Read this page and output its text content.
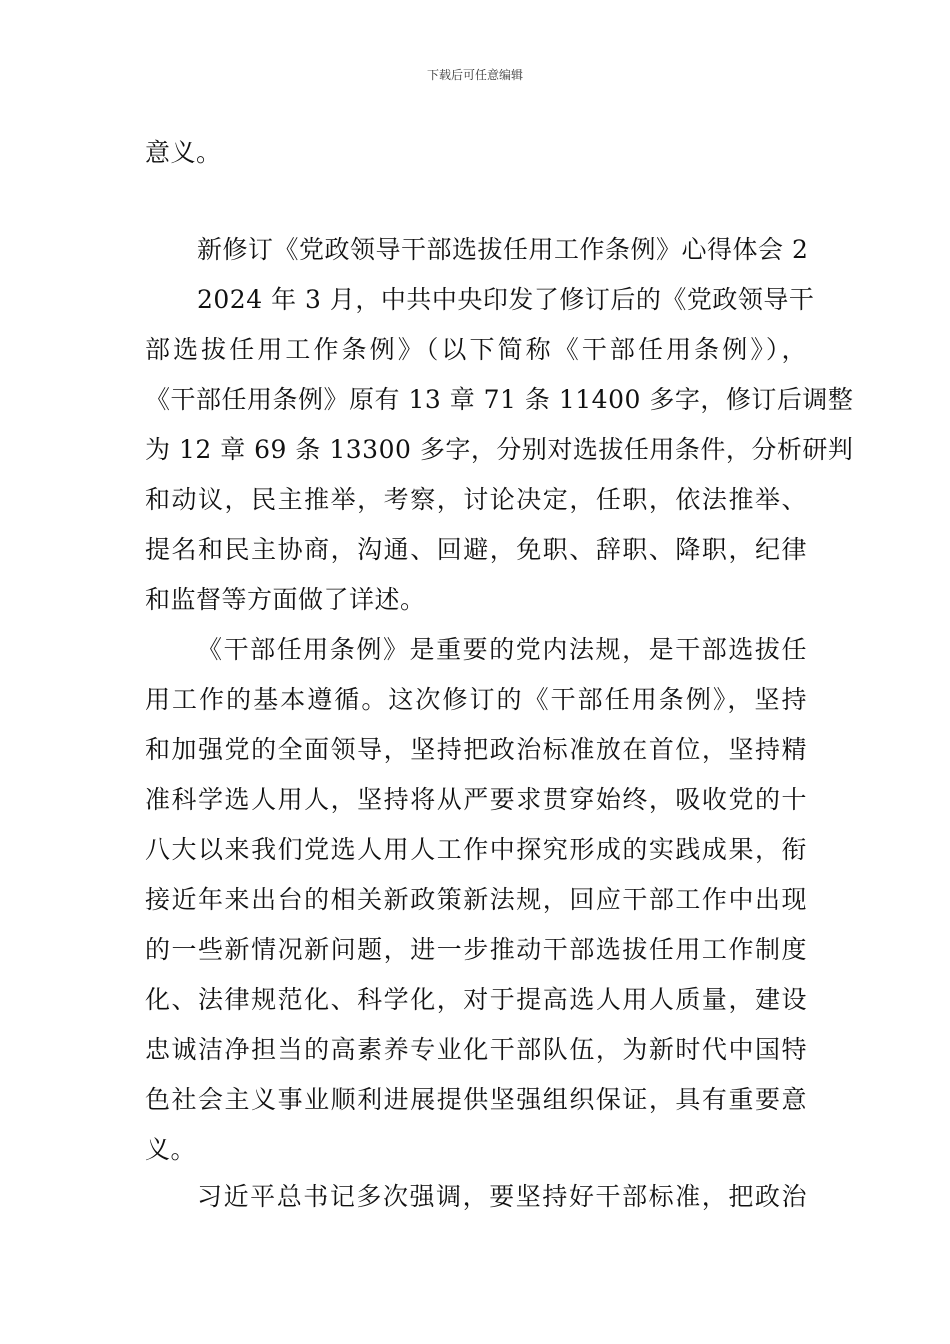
下载后可任意编辑
意义。
新修订《党政领导干部选拔任用工作条例》心得体会 2
2024 年 3 月，中共中央印发了修订后的《党政领导干
部选拔任用工作条例》（以下简称《干部任用条例》），
《干部任用条例》原有 13 章 71 条 11400 多字，修订后调整
为 12 章 69 条 13300 多字，分别对选拔任用条件，分析研判
和动议，民主推举，考察，讨论决定，任职，依法推举、
提名和民主协商，沟通、回避，免职、辞职、降职，纪律
和监督等方面做了详述。
《干部任用条例》是重要的党内法规，是干部选拔任
用工作的基本遵循。这次修订的《干部任用条例》，坚持
和加强党的全面领导，坚持把政治标准放在首位，坚持精
准科学选人用人，坚持将从严要求贯穿始终，吸收党的十
八大以来我们党选人用人工作中探究形成的实践成果，衔
接近年来出台的相关新政策新法规，回应干部工作中出现
的一些新情况新问题，进一步推动干部选拔任用工作制度
化、法律规范化、科学化，对于提高选人用人质量，建设
忠诚洁净担当的高素养专业化干部队伍，为新时代中国特
色社会主义事业顺利进展提供坚强组织保证，具有重要意
义。
习近平总书记多次强调，要坚持好干部标准，把政治
